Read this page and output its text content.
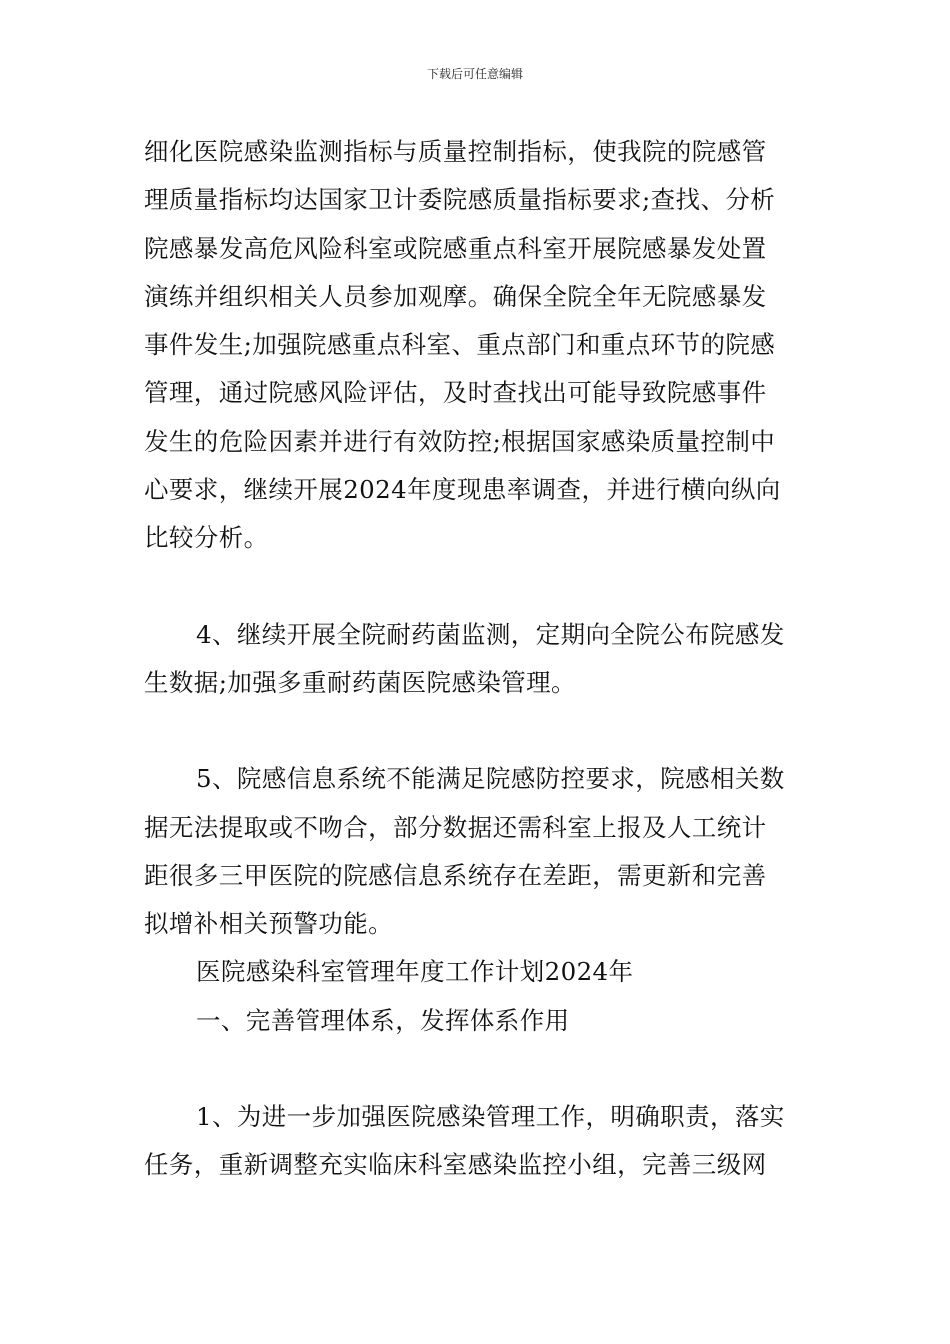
下载后可任意编辑
细化医院感染监测指标与质量控制指标，使我院的院感管
理质量指标均达国家卫计委院感质量指标要求;查找、分析
院感暴发高危风险科室或院感重点科室开展院感暴发处置
演练并组织相关人员参加观摩。确保全院全年无院感暴发
事件发生;加强院感重点科室、重点部门和重点环节的院感
管理，通过院感风险评估，及时查找出可能导致院感事件
发生的危险因素并进行有效防控;根据国家感染质量控制中
心要求，继续开展2024年度现患率调查，并进行横向纵向
比较分析。
4、继续开展全院耐药菌监测，定期向全院公布院感发
生数据;加强多重耐药菌医院感染管理。
5、院感信息系统不能满足院感防控要求，院感相关数
据无法提取或不吻合，部分数据还需科室上报及人工统计
距很多三甲医院的院感信息系统存在差距，需更新和完善
拟增补相关预警功能。
医院感染科室管理年度工作计划2024年
一、完善管理体系，发挥体系作用
1、为进一步加强医院感染管理工作，明确职责，落实
任务，重新调整充实临床科室感染监控小组，完善三级网
